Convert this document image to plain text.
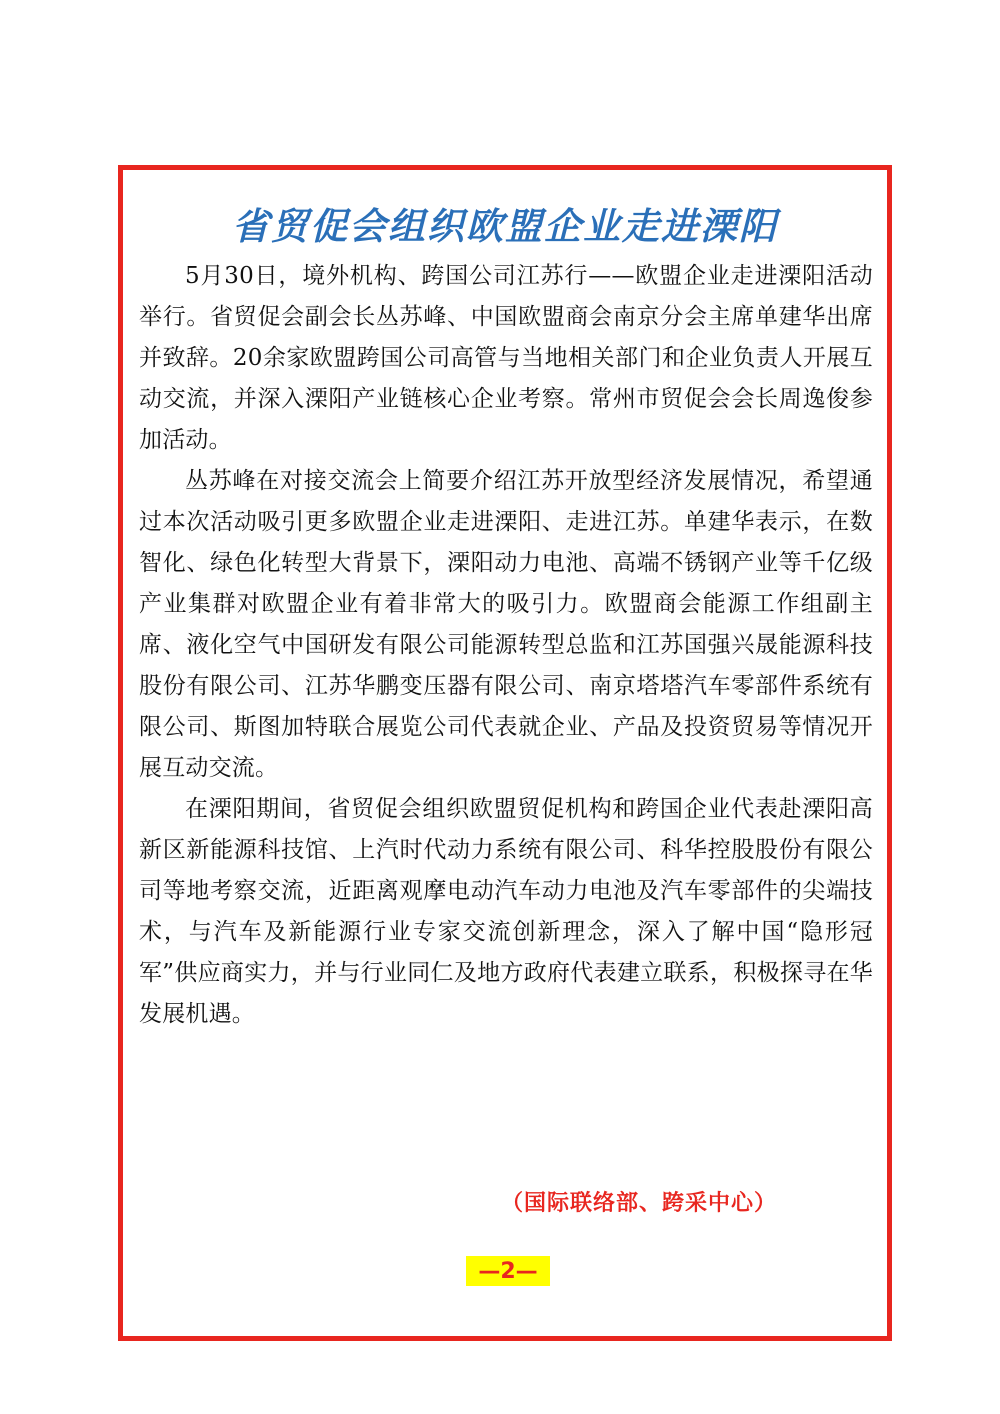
省贸促会组织欧盟企业走进溧阳

5月30日，境外机构、跨国公司江苏行——欧盟企业走进溧阳活动举行。省贸促会副会长丛苏峰、中国欧盟商会南京分会主席单建华出席并致辞。20余家欧盟跨国公司高管与当地相关部门和企业负责人开展互动交流，并深入溧阳产业链核心企业考察。常州市贸促会会长周逸俊参加活动。

丛苏峰在对接交流会上简要介绍江苏开放型经济发展情况，希望通过本次活动吸引更多欧盟企业走进溧阳、走进江苏。单建华表示，在数智化、绿色化转型大背景下，溧阳动力电池、高端不锈钢产业等千亿级产业集群对欧盟企业有着非常大的吸引力。欧盟商会能源工作组副主席、液化空气中国研发有限公司能源转型总监和江苏国强兴晟能源科技股份有限公司、江苏华鹏变压器有限公司、南京塔塔汽车零部件系统有限公司、斯图加特联合展览公司代表就企业、产品及投资贸易等情况开展互动交流。

在溧阳期间，省贸促会组织欧盟贸促机构和跨国企业代表赴溧阳高新区新能源科技馆、上汽时代动力系统有限公司、科华控股股份有限公司等地考察交流，近距离观摩电动汽车动力电池及汽车零部件的尖端技术，与汽车及新能源行业专家交流创新理念，深入了解中国“隐形冠军”供应商实力，并与行业同仁及地方政府代表建立联系，积极探寻在华发展机遇。

（国际联络部、跨采中心）

—2—
